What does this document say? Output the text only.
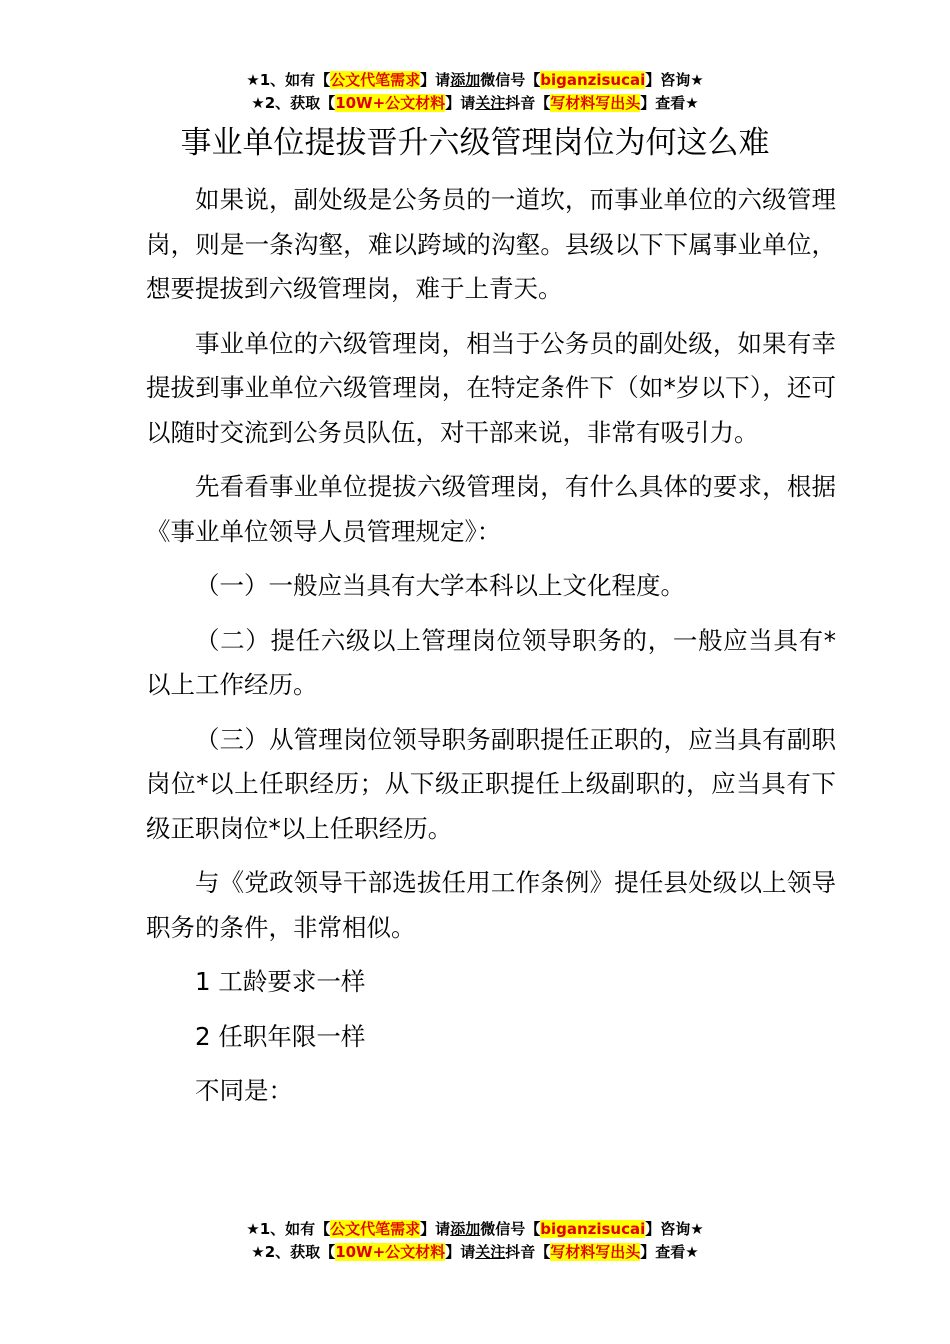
★1、如有【公文代笔需求】请添加微信号【biganzisucai】咨询★
★2、获取【10W+公文材料】请关注抖音【写材料写出头】查看★
事业单位提拔晋升六级管理岗位为何这么难

如果说，副处级是公务员的一道坎，而事业单位的六级管理岗，则是一条沟壑，难以跨域的沟壑。县级以下下属事业单位，想要提拔到六级管理岗，难于上青天。

事业单位的六级管理岗，相当于公务员的副处级，如果有幸提拔到事业单位六级管理岗，在特定条件下（如*岁以下），还可以随时交流到公务员队伍，对干部来说，非常有吸引力。

先看看事业单位提拔六级管理岗，有什么具体的要求，根据《事业单位领导人员管理规定》：

（一）一般应当具有大学本科以上文化程度。

（二）提任六级以上管理岗位领导职务的，一般应当具有*以上工作经历。

（三）从管理岗位领导职务副职提任正职的，应当具有副职岗位*以上任职经历；从下级正职提任上级副职的，应当具有下级正职岗位*以上任职经历。

与《党政领导干部选拔任用工作条例》提任县处级以上领导职务的条件，非常相似。

1 工龄要求一样

2 任职年限一样

不同是：

★1、如有【公文代笔需求】请添加微信号【biganzisucai】咨询★
★2、获取【10W+公文材料】请关注抖音【写材料写出头】查看★
